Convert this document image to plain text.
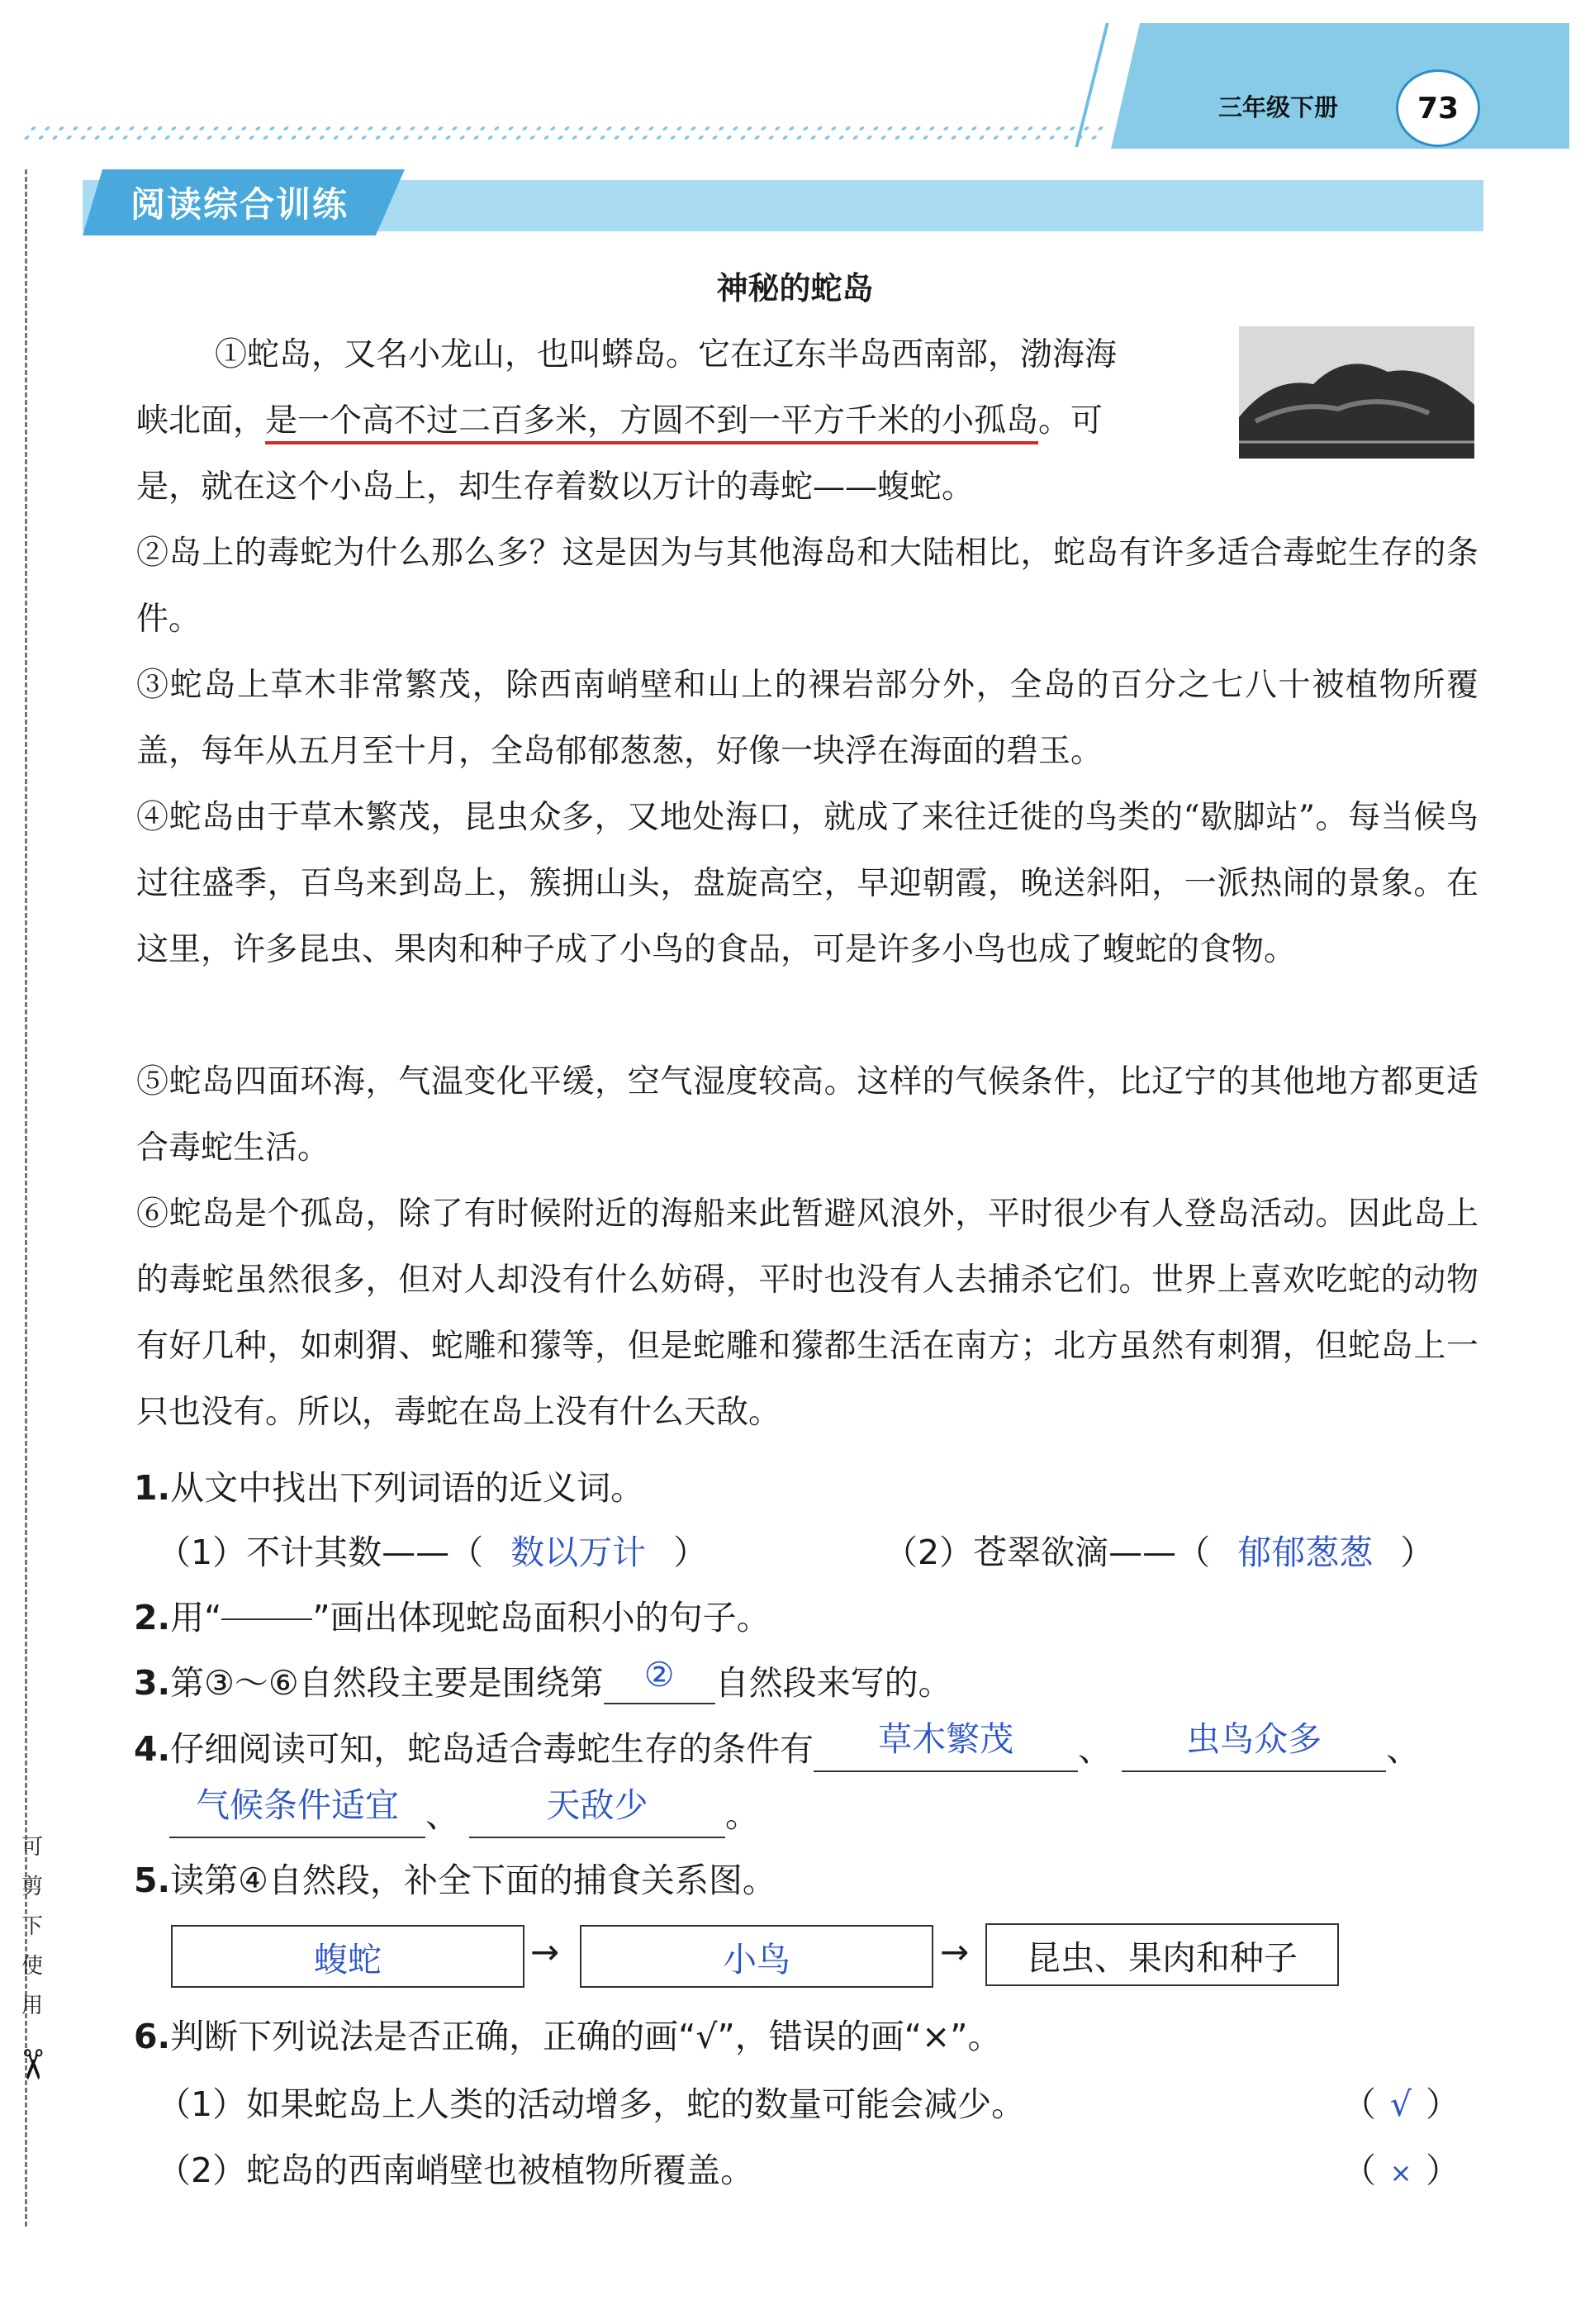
三年级下册	73
阅读综合训练
可剪下使用
✂
神秘的蛇岛
①蛇岛，又名小龙山，也叫蟒岛。它在辽东半岛西南部，渤海海
峡北面，是一个高不过二百多米，方圆不到一平方千米的小孤岛。可
是，就在这个小岛上，却生存着数以万计的毒蛇——蝮蛇。
②岛上的毒蛇为什么那么多？这是因为与其他海岛和大陆相比，蛇岛有许多适合毒蛇生存的条件。
③蛇岛上草木非常繁茂，除西南峭壁和山上的裸岩部分外，全岛的百分之七八十被植物所覆盖，每年从五月至十月，全岛郁郁葱葱，好像一块浮在海面的碧玉。
④蛇岛由于草木繁茂，昆虫众多，又地处海口，就成了来往迁徙的鸟类的“歇脚站”。每当候鸟过往盛季，百鸟来到岛上，簇拥山头，盘旋高空，早迎朝霞，晚送斜阳，一派热闹的景象。在这里，许多昆虫、果肉和种子成了小鸟的食品，可是许多小鸟也成了蝮蛇的食物。
⑤蛇岛四面环海，气温变化平缓，空气湿度较高。这样的气候条件，比辽宁的其他地方都更适合毒蛇生活。
⑥蛇岛是个孤岛，除了有时候附近的海船来此暂避风浪外，平时很少有人登岛活动。因此岛上的毒蛇虽然很多，但对人却没有什么妨碍，平时也没有人去捕杀它们。世界上喜欢吃蛇的动物有好几种，如刺猬、蛇雕和獴等，但是蛇雕和獴都生活在南方；北方虽然有刺猬，但蛇岛上一只也没有。所以，毒蛇在岛上没有什么天敌。
1.从文中找出下列词语的近义词。
（1）不计其数——（ 数以万计 ）	（2）苍翠欲滴——（ 郁郁葱葱 ）
2.用“	”画出体现蛇岛面积小的句子。
3.第③～⑥自然段主要是围绕第 ② 自然段来写的。
4.仔细阅读可知，蛇岛适合毒蛇生存的条件有 草木繁茂 、 虫鸟众多 、
气候条件适宜 、	天敌少 。
5.读第④自然段，补全下面的捕食关系图。
蝮蛇	→	小鸟	→ 昆虫、果肉和种子
6.判断下列说法是否正确，正确的画“√”，错误的画“×”。
（1）如果蛇岛上人类的活动增多，蛇的数量可能会减少。	（ √ ）
（2）蛇岛的西南峭壁也被植物所覆盖。	（ × ）
